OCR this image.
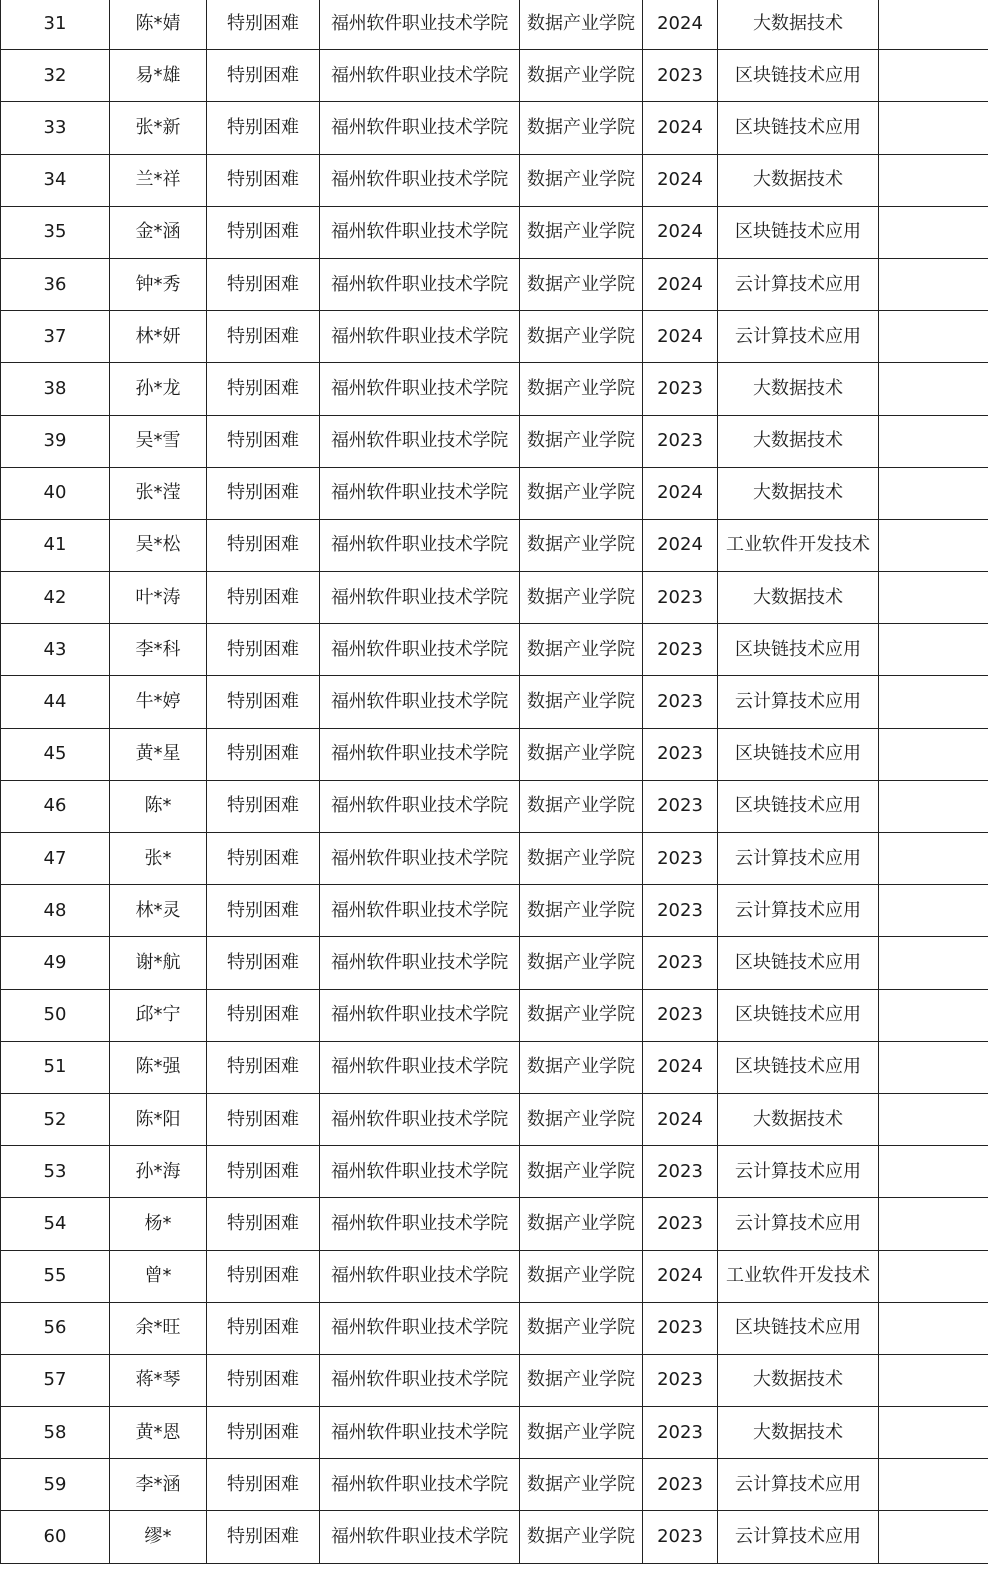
31	陈*婧	特别困难	福州软件职业技术学院	数据产业学院	2024	大数据技术	
32	易*雄	特别困难	福州软件职业技术学院	数据产业学院	2023	区块链技术应用	
33	张*新	特别困难	福州软件职业技术学院	数据产业学院	2024	区块链技术应用	
34	兰*祥	特别困难	福州软件职业技术学院	数据产业学院	2024	大数据技术	
35	金*涵	特别困难	福州软件职业技术学院	数据产业学院	2024	区块链技术应用	
36	钟*秀	特别困难	福州软件职业技术学院	数据产业学院	2024	云计算技术应用	
37	林*妍	特别困难	福州软件职业技术学院	数据产业学院	2024	云计算技术应用	
38	孙*龙	特别困难	福州软件职业技术学院	数据产业学院	2023	大数据技术	
39	吴*雪	特别困难	福州软件职业技术学院	数据产业学院	2023	大数据技术	
40	张*滢	特别困难	福州软件职业技术学院	数据产业学院	2024	大数据技术	
41	吴*松	特别困难	福州软件职业技术学院	数据产业学院	2024	工业软件开发技术	
42	叶*涛	特别困难	福州软件职业技术学院	数据产业学院	2023	大数据技术	
43	李*科	特别困难	福州软件职业技术学院	数据产业学院	2023	区块链技术应用	
44	牛*婷	特别困难	福州软件职业技术学院	数据产业学院	2023	云计算技术应用	
45	黄*星	特别困难	福州软件职业技术学院	数据产业学院	2023	区块链技术应用	
46	陈*	特别困难	福州软件职业技术学院	数据产业学院	2023	区块链技术应用	
47	张*	特别困难	福州软件职业技术学院	数据产业学院	2023	云计算技术应用	
48	林*灵	特别困难	福州软件职业技术学院	数据产业学院	2023	云计算技术应用	
49	谢*航	特别困难	福州软件职业技术学院	数据产业学院	2023	区块链技术应用	
50	邱*宁	特别困难	福州软件职业技术学院	数据产业学院	2023	区块链技术应用	
51	陈*强	特别困难	福州软件职业技术学院	数据产业学院	2024	区块链技术应用	
52	陈*阳	特别困难	福州软件职业技术学院	数据产业学院	2024	大数据技术	
53	孙*海	特别困难	福州软件职业技术学院	数据产业学院	2023	云计算技术应用	
54	杨*	特别困难	福州软件职业技术学院	数据产业学院	2023	云计算技术应用	
55	曾*	特别困难	福州软件职业技术学院	数据产业学院	2024	工业软件开发技术	
56	余*旺	特别困难	福州软件职业技术学院	数据产业学院	2023	区块链技术应用	
57	蒋*琴	特别困难	福州软件职业技术学院	数据产业学院	2023	大数据技术	
58	黄*恩	特别困难	福州软件职业技术学院	数据产业学院	2023	大数据技术	
59	李*涵	特别困难	福州软件职业技术学院	数据产业学院	2023	云计算技术应用	
60	缪*	特别困难	福州软件职业技术学院	数据产业学院	2023	云计算技术应用	
